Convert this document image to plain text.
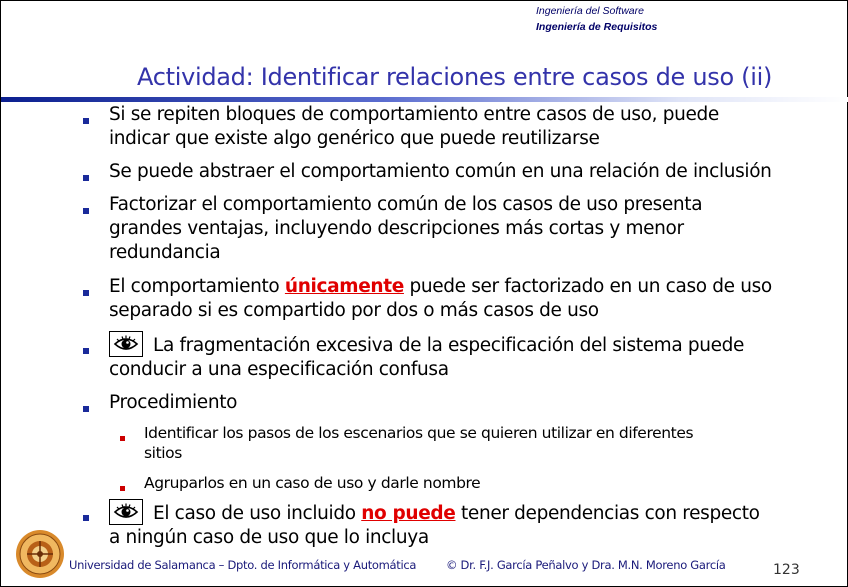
Ingeniería del Software
Ingeniería de Requisitos
Actividad: Identificar relaciones entre casos de uso (ii)
Si se repiten bloques de comportamiento entre casos de uso, puede
indicar que existe algo genérico que puede reutilizarse
Se puede abstraer el comportamiento común en una relación de inclusión
Factorizar el comportamiento común de los casos de uso presenta
grandes ventajas, incluyendo descripciones más cortas y menor
redundancia
El comportamiento únicamente puede ser factorizado en un caso de uso
separado si es compartido por dos o más casos de uso
La fragmentación excesiva de la especificación del sistema puede
conducir a una especificación confusa
Procedimiento
Identificar los pasos de los escenarios que se quieren utilizar en diferentes
sitios
Agruparlos en un caso de uso y darle nombre
El caso de uso incluido no puede tener dependencias con respecto
a ningún caso de uso que lo incluya
Universidad de Salamanca – Dpto. de Informática y Automática	© Dr. F.J. García Peñalvo y Dra. M.N. Moreno García	123
